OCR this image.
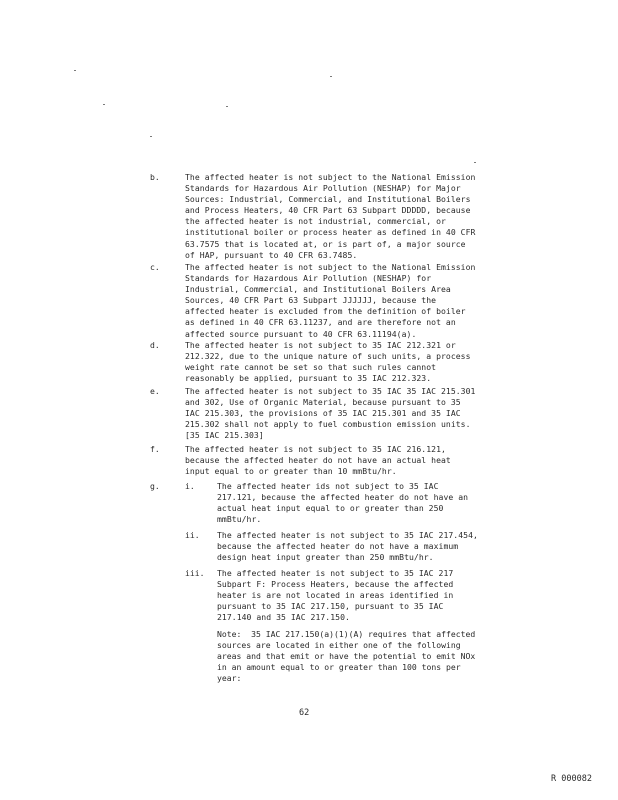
b.	The affected heater is not subject to the National Emission
Standards for Hazardous Air Pollution (NESHAP) for Major
Sources: Industrial, Commercial, and Institutional Boilers
and Process Heaters, 40 CFR Part 63 Subpart DDDDD, because
the affected heater is not industrial, commercial, or
institutional boiler or process heater as defined in 40 CFR
63.7575 that is located at, or is part of, a major source
of HAP, pursuant to 40 CFR 63.7485.
c.	The affected heater is not subject to the National Emission
Standards for Hazardous Air Pollution (NESHAP) for
Industrial, Commercial, and Institutional Boilers Area
Sources, 40 CFR Part 63 Subpart JJJJJJ, because the
affected heater is excluded from the definition of boiler
as defined in 40 CFR 63.11237, and are therefore not an
affected source pursuant to 40 CFR 63.11194(a).
d.	The affected heater is not subject to 35 IAC 212.321 or
212.322, due to the unique nature of such units, a process
weight rate cannot be set so that such rules cannot
reasonably be applied, pursuant to 35 IAC 212.323.
e.	The affected heater is not subject to 35 IAC 35 IAC 215.301
and 302, Use of Organic Material, because pursuant to 35
IAC 215.303, the provisions of 35 IAC 215.301 and 35 IAC
215.302 shall not apply to fuel combustion emission units.
[35 IAC 215.303]
f.	The affected heater is not subject to 35 IAC 216.121,
because the affected heater do not have an actual heat
input equal to or greater than 10 mmBtu/hr.
g.	i.	The affected heater ids not subject to 35 IAC
217.121, because the affected heater do not have an
actual heat input equal to or greater than 250
mmBtu/hr.
ii. The affected heater is not subject to 35 IAC 217.454,
because the affected heater do not have a maximum
design heat input greater than 250 mmBtu/hr.
iii. The affected heater is not subject to 35 IAC 217
Subpart F: Process Heaters, because the affected
heater is are not located in areas identified in
pursuant to 35 IAC 217.150, pursuant to 35 IAC
217.140 and 35 IAC 217.150.
Note:  35 IAC 217.150(a)(1)(A) requires that affected
sources are located in either one of the following
areas and that emit or have the potential to emit NOx
in an amount equal to or greater than 100 tons per
year:
62
R 000082
